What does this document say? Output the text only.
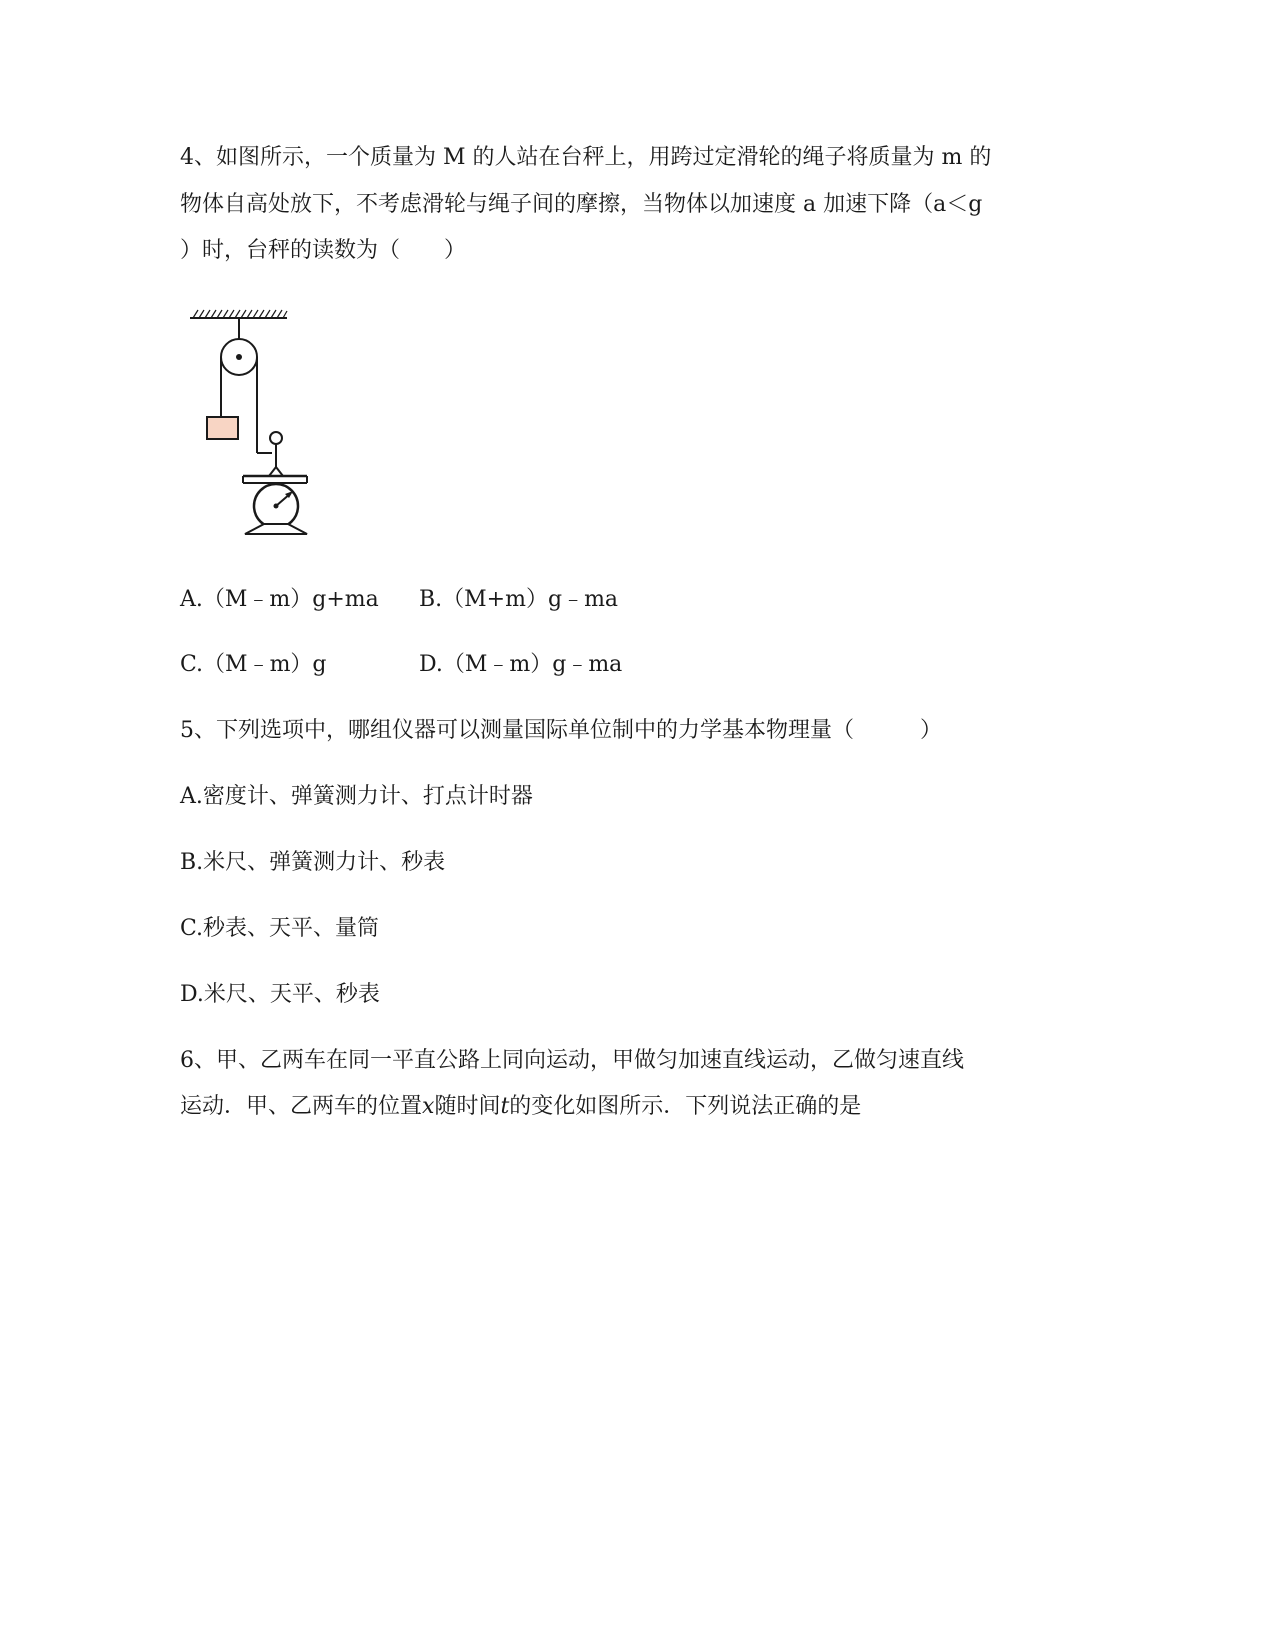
4、如图所示，一个质量为 M 的人站在台秤上，用跨过定滑轮的绳子将质量为 m 的
物体自高处放下，不考虑滑轮与绳子间的摩擦，当物体以加速度 a 加速下降（a＜g
）时，台秤的读数为（　　）
A.（M﹣m）g+ma B.（M+m）g﹣ma
C.（M﹣m）g	D.（M﹣m）g﹣ma
5、下列选项中，哪组仪器可以测量国际单位制中的力学基本物理量（　　　）
A.密度计、弹簧测力计、打点计时器
B.米尺、弹簧测力计、秒表
C.秒表、天平、量筒
D.米尺、天平、秒表
6、甲、乙两车在同一平直公路上同向运动，甲做匀加速直线运动，乙做匀速直线
运动．甲、乙两车的位置x随时间t的变化如图所示．下列说法正确的是
